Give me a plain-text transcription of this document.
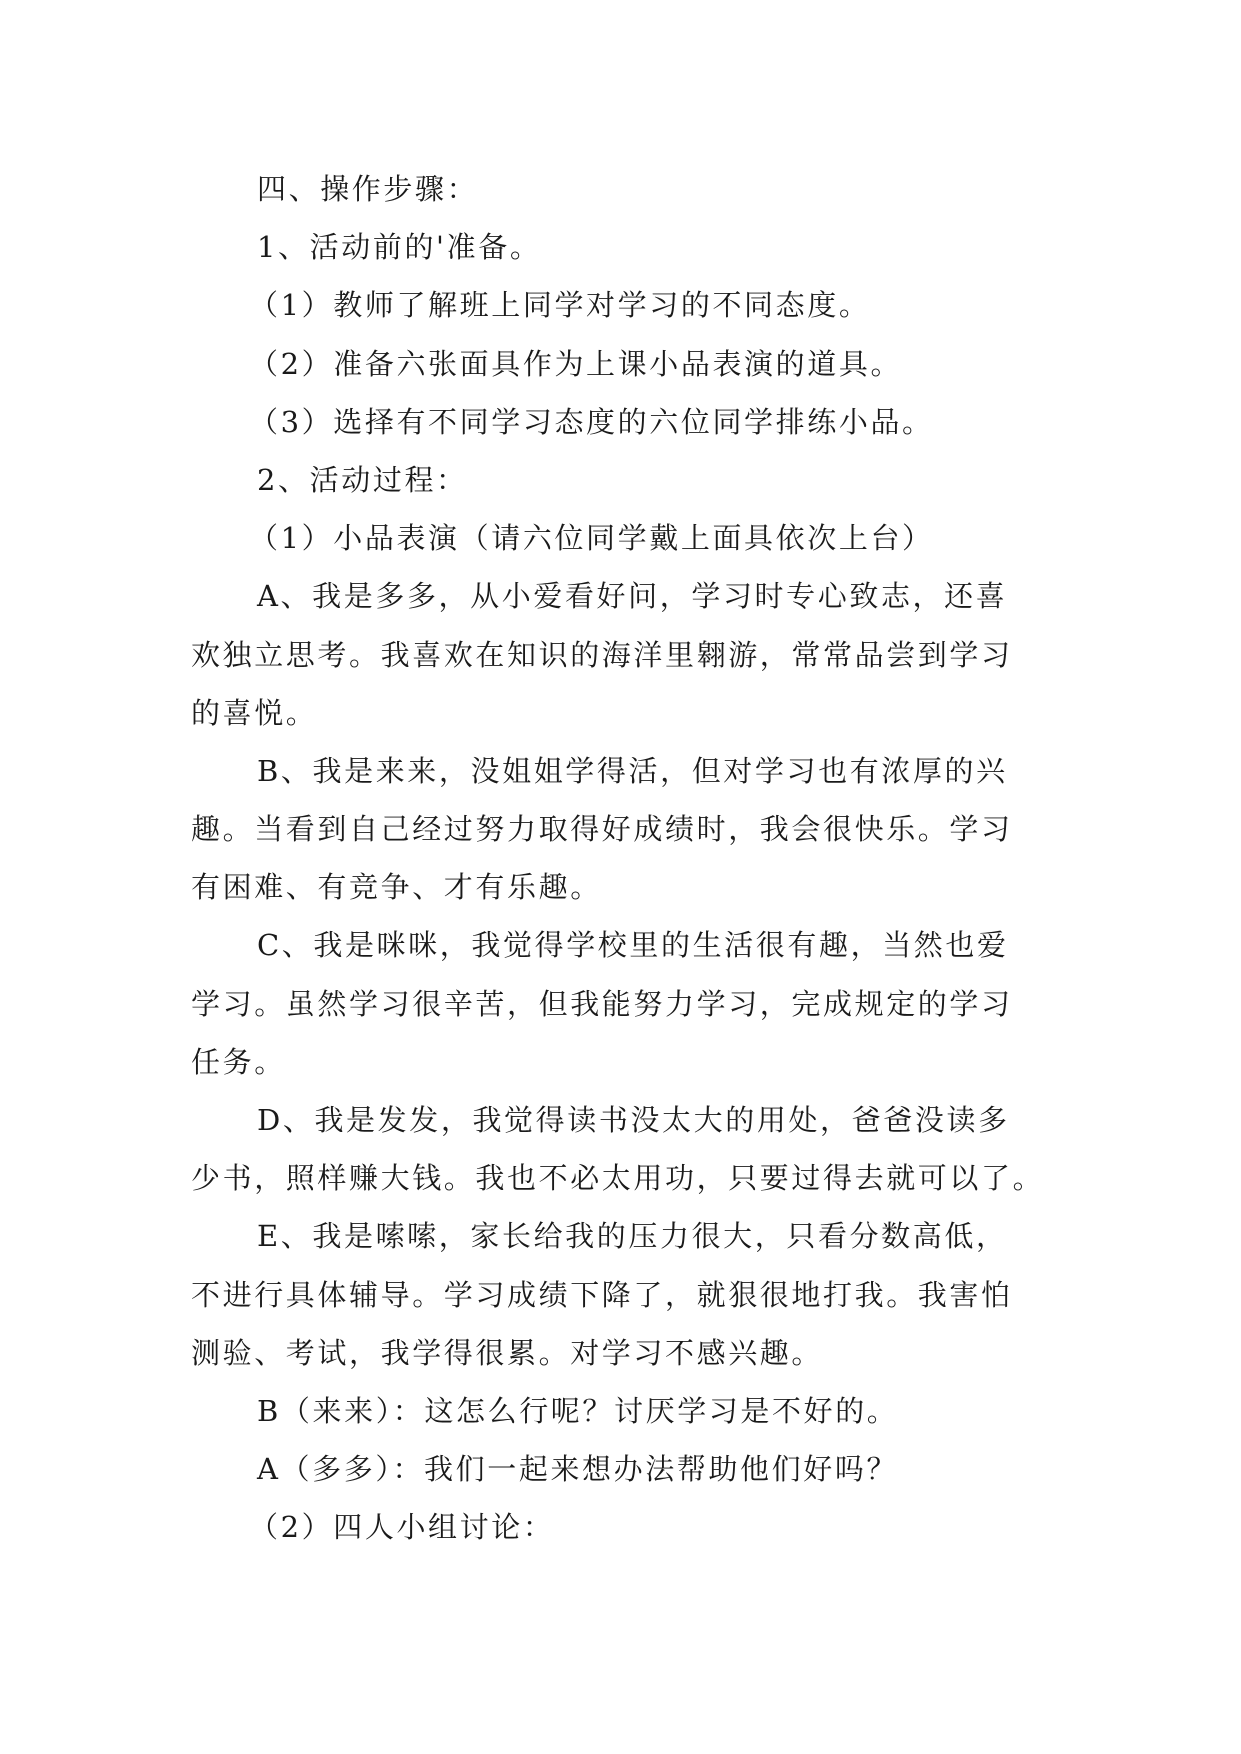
四、操作步骤：
1、活动前的'准备。
（1）教师了解班上同学对学习的不同态度。
（2）准备六张面具作为上课小品表演的道具。
（3）选择有不同学习态度的六位同学排练小品。
2、活动过程：
（1）小品表演（请六位同学戴上面具依次上台）
A、我是多多，从小爱看好问，学习时专心致志，还喜
欢独立思考。我喜欢在知识的海洋里翱游，常常品尝到学习
的喜悦。
B、我是来来，没姐姐学得活，但对学习也有浓厚的兴
趣。当看到自己经过努力取得好成绩时，我会很快乐。学习
有困难、有竞争、才有乐趣。
C、我是咪咪，我觉得学校里的生活很有趣，当然也爱
学习。虽然学习很辛苦，但我能努力学习，完成规定的学习
任务。
D、我是发发，我觉得读书没太大的用处，爸爸没读多
少书，照样赚大钱。我也不必太用功，只要过得去就可以了。
E、我是嗦嗦，家长给我的压力很大，只看分数高低，
不进行具体辅导。学习成绩下降了，就狠很地打我。我害怕
测验、考试，我学得很累。对学习不感兴趣。
B（来来）：这怎么行呢？讨厌学习是不好的。
A（多多）：我们一起来想办法帮助他们好吗？
（2）四人小组讨论：
